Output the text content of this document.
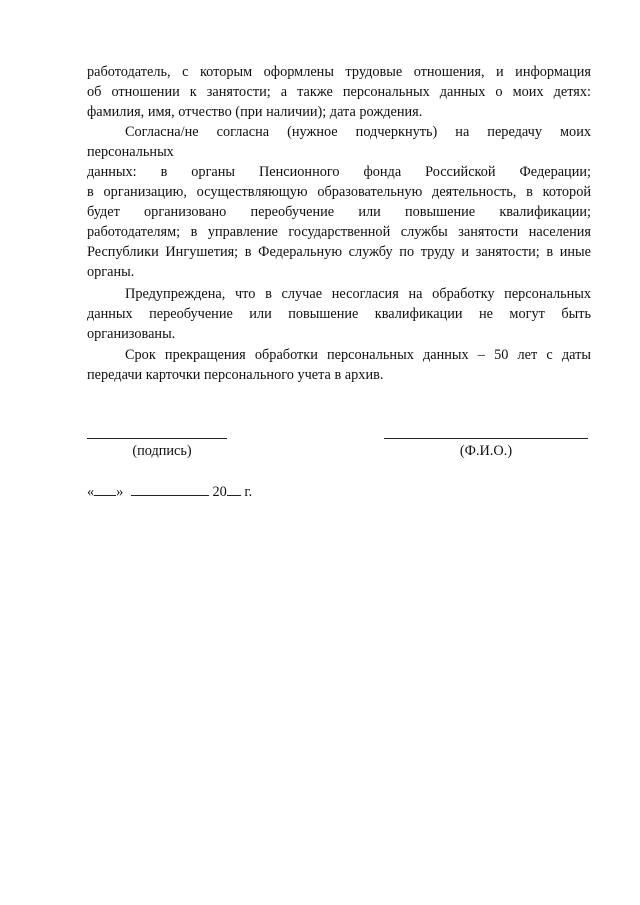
работодатель, с которым оформлены трудовые отношения, и информация
об отношении к занятости; а также персональных данных о моих детях:
фамилия, имя, отчество (при наличии); дата рождения.
Согласна/не согласна (нужное подчеркнуть) на передачу моих
персональных
данных: в органы Пенсионного фонда Российской Федерации;
в организацию, осуществляющую образовательную деятельность, в которой
будет организовано переобучение или повышение квалификации;
работодателям; в управление государственной службы занятости населения
Республики Ингушетия; в Федеральную службу по труду и занятости; в иные
органы.
Предупреждена, что в случае несогласия на обработку персональных
данных переобучение или повышение квалификации не могут быть
организованы.
Срок прекращения обработки персональных данных – 50 лет с даты
передачи карточки персонального учета в архив.
(подпись)	(Ф.И.О.)
« »	20 г.
